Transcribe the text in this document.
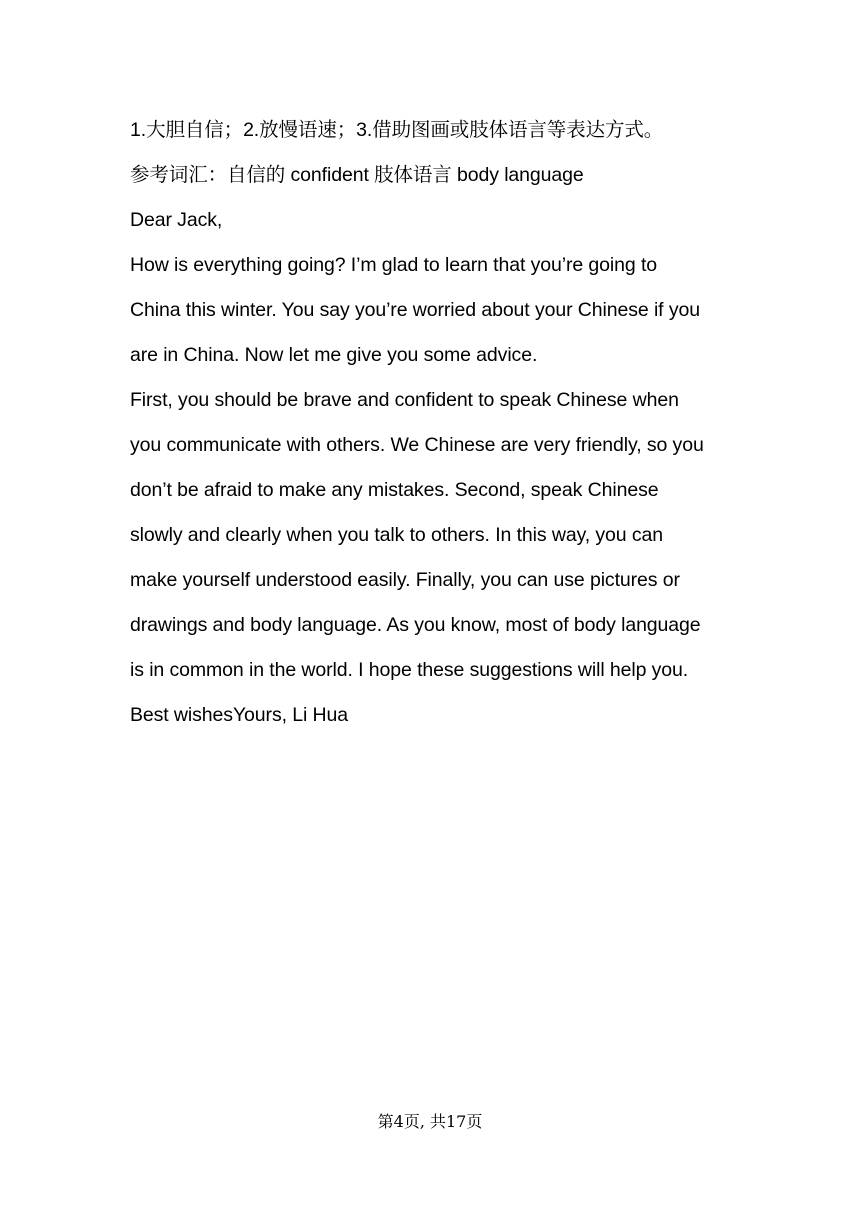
1.大胆自信；2.放慢语速；3.借助图画或肢体语言等表达方式。
参考词汇：自信的 confident 肢体语言 body language
Dear Jack,
How is everything going? I’m glad to learn that you’re going to
China this winter. You say you’re worried about your Chinese if you
are in China. Now let me give you some advice.
First, you should be brave and confident to speak Chinese when
you communicate with others. We Chinese are very friendly, so you
don’t be afraid to make any mistakes. Second, speak Chinese
slowly and clearly when you talk to others. In this way, you can
make yourself understood easily. Finally, you can use pictures or
drawings and body language. As you know, most of body language
is in common in the world. I hope these suggestions will help you.
Best wishesYours, Li Hua
第4页, 共17页
